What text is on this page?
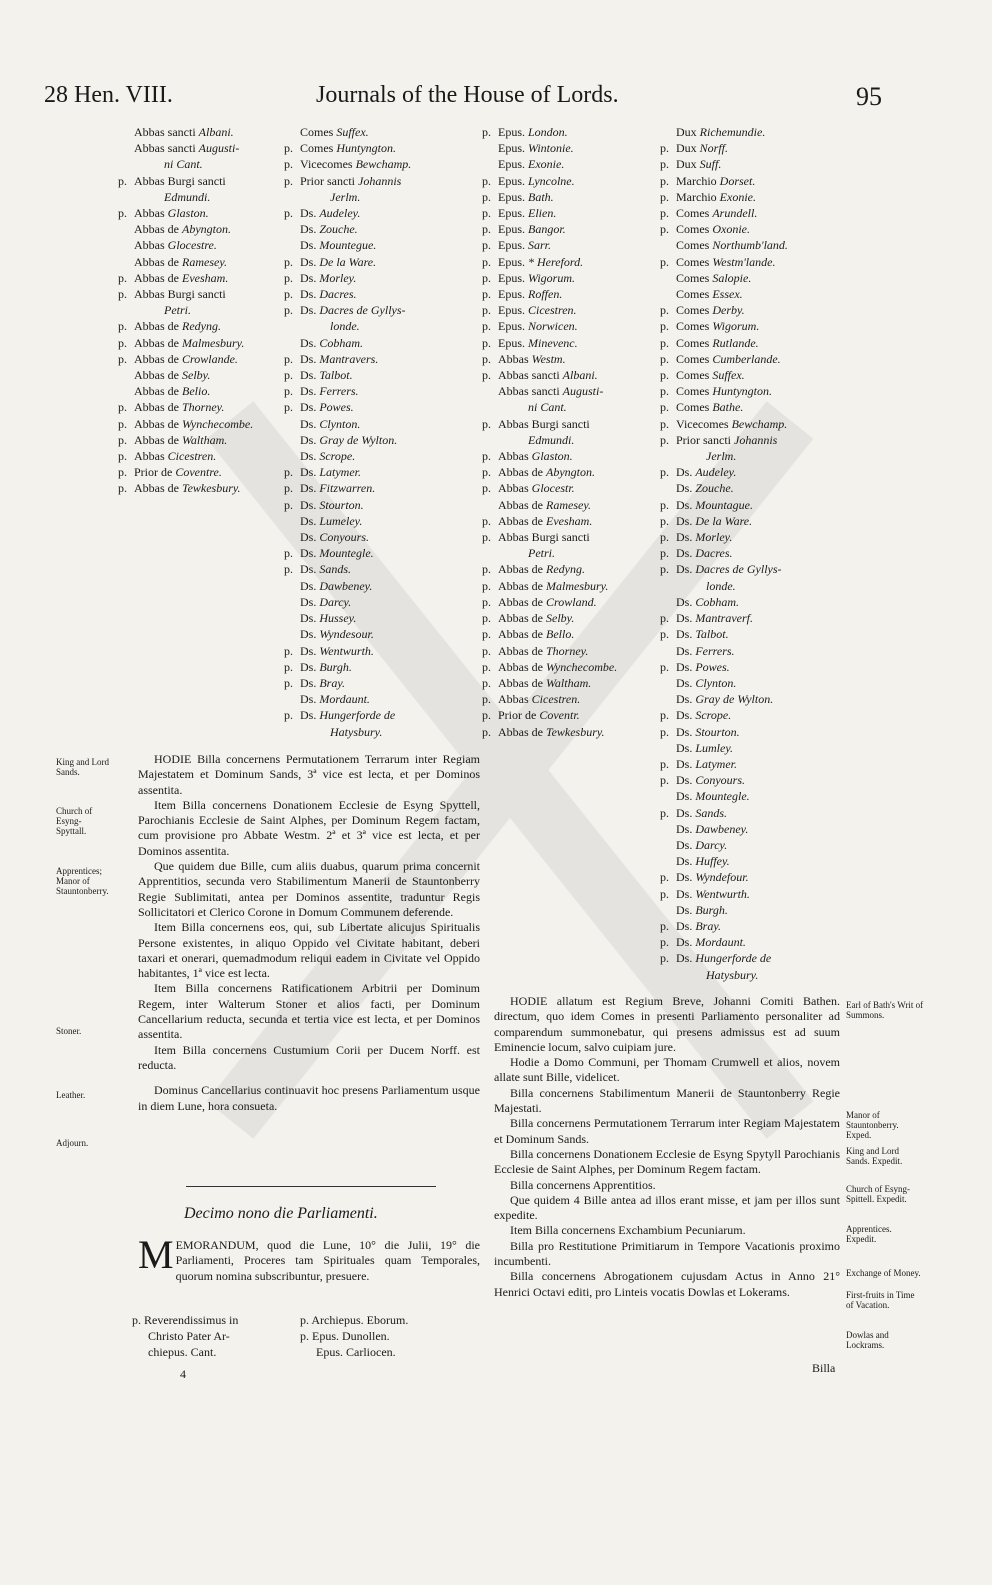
28 Hen. VIII.	Journals of the House of Lords.	95
Abbas sancti Albani.
Abbas sancti Augusti-
ni Cant.
p. Abbas Burgi sancti
Edmundi.
p. Abbas Glaston.
Abbas de Abyngton.
Abbas Glocestre.
Abbas de Ramesey.
p. Abbas de Evesham.
p. Abbas Burgi sancti
Petri.
p. Abbas de Redyng.
p. Abbas de Malmesbury.
p. Abbas de Crowlande.
Abbas de Selby.
Abbas de Belio.
p. Abbas de Thorney.
p. Abbas de Wynchecombe.
p. Abbas de Waltham.
p. Abbas Cicestren.
p. Prior de Coventre.
p. Abbas de Tewkesbury.
Comes Suffex.
p. Comes Huntyngton.
p. Vicecomes Bewchamp.
p. Prior sancti Johannis
Jerlm.
p. Ds. Audeley.
Ds. Zouche.
Ds. Mountegue.
p. Ds. De la Ware.
p. Ds. Morley.
p. Ds. Dacres.
p. Ds. Dacres de Gyllys-
londe.
Ds. Cobham.
p. Ds. Mantravers.
p. Ds. Talbot.
p. Ds. Ferrers.
p. Ds. Powes.
Ds. Clynton.
Ds. Gray de Wylton.
Ds. Scrope.
p. Ds. Latymer.
p. Ds. Fitzwarren.
p. Ds. Stourton.
Ds. Lumeley.
Ds. Conyours.
p. Ds. Mountegle.
p. Ds. Sands.
Ds. Dawbeney.
Ds. Darcy.
Ds. Hussey.
Ds. Wyndesour.
p. Ds. Wentwurth.
p. Ds. Burgh.
p. Ds. Bray.
Ds. Mordaunt.
p. Ds. Hungerforde de
Hatysbury.
p. Epus. London.
Epus. Wintonie.
Epus. Exonie.
p. Epus. Lyncolne.
p. Epus. Bath.
p. Epus. Elien.
p. Epus. Bangor.
p. Epus. Sarr.
p. Epus. * Hereford.
p. Epus. Wigorum.
p. Epus. Roffen.
p. Epus. Cicestren.
p. Epus. Norwicen.
p. Epus. Minevenc.
p. Abbas Westm.
p. Abbas sancti Albani.
Abbas sancti Augusti-
ni Cant.
p. Abbas Burgi sancti
Edmundi.
p. Abbas Glaston.
p. Abbas de Abyngton.
p. Abbas Glocestr.
Abbas de Ramesey.
p. Abbas de Evesham.
p. Abbas Burgi sancti
Petri.
p. Abbas de Redyng.
p. Abbas de Malmesbury.
p. Abbas de Crowland.
p. Abbas de Selby.
p. Abbas de Bello.
p. Abbas de Thorney.
p. Abbas de Wynchecombe.
p. Abbas de Waltham.
p. Abbas Cicestren.
p. Prior de Coventr.
p. Abbas de Tewkesbury.
Dux Richemundie.
p. Dux Norff.
p. Dux Suff.
p. Marchio Dorset.
p. Marchio Exonie.
p. Comes Arundell.
p. Comes Oxonie.
Comes Northumb'land.
p. Comes Westm'lande.
Comes Salopie.
Comes Essex.
p. Comes Derby.
p. Comes Wigorum.
p. Comes Rutlande.
p. Comes Cumberlande.
p. Comes Suffex.
p. Comes Huntyngton.
p. Comes Bathe.
p. Vicecomes Bewchamp.
p. Prior sancti Johannis
Jerlm.
p. Ds. Audeley.
Ds. Zouche.
p. Ds. Mountague.
p. Ds. De la Ware.
p. Ds. Morley.
p. Ds. Dacres.
p. Ds. Dacres de Gyllys-
londe.
Ds. Cobham.
p. Ds. Mantraverf.
p. Ds. Talbot.
Ds. Ferrers.
p. Ds. Powes.
Ds. Clynton.
Ds. Gray de Wylton.
p. Ds. Scrope.
p. Ds. Stourton.
Ds. Lumley.
p. Ds. Latymer.
p. Ds. Conyours.
Ds. Mountegle.
p. Ds. Sands.
Ds. Dawbeney.
Ds. Darcy.
Ds. Huffey.
p. Ds. Wyndefour.
p. Ds. Wentwurth.
Ds. Burgh.
p. Ds. Bray.
p. Ds. Mordaunt.
p. Ds. Hungerforde de
Hatysbury.
King and Lord Sands.
Church of Esyng-Spyttall.
Apprentices; Manor of Stauntonberry.
Stoner.
Leather.
Adjourn.

HODIE Billa concernens Permutationem Terrarum inter Regiam Majestatem et Dominum Sands, 3ª vice est lecta, et per Dominos assentita.

Item Billa concernens Donationem Ecclesie de Esyng Spyttell, Parochianis Ecclesie de Saint Alphes, per Dominum Regem factam, cum provisione pro Abbate Westm. 2ª et 3ª vice est lecta, et per Dominos assentita.

Que quidem due Bille, cum aliis duabus, quarum prima concernit Apprentitios, secunda vero Stabilimentum Manerii de Stauntonberry Regie Sublimitati, antea per Dominos assentite, traduntur Regis Sollicitatori et Clerico Corone in Domum Communem deferende.

Item Billa concernens eos, qui, sub Libertate alicujus Spiritualis Persone existentes, in aliquo Oppido vel Civitate habitant, deberi taxari et onerari, quemadmodum reliqui eadem in Civitate vel Oppido habitantes, 1ª vice est lecta.

Item Billa concernens Ratificationem Arbitrii per Dominum Regem, inter Walterum Stoner et alios facti, per Dominum Cancellarium reducta, secunda et tertia vice est lecta, et per Dominos assentita.

Item Billa concernens Custumium Corii per Ducem Norff. est reducta.

Dominus Cancellarius continuavit hoc presens Parliamentum usque in diem Lune, hora consueta.

Decimo nono die Parliamenti.
M EMORANDUM, quod die Lune, 10° die Julii, 19° die Parliamenti, Proceres tam Spirituales quam Temporales, quorum nomina subscribuntur, presuere.
p. Reverendissimus in
Christo Pater Ar-
chiepus. Cant.
p. Archiepus. Eborum.
p. Epus. Dunollen.
Epus. Carliocen.
4

HODIE allatum est Regium Breve, Johanni Comiti Bathen. directum, quo idem Comes in presenti Parliamento personaliter ad comparendum summonebatur, qui presens admissus est ad suum Eminencie locum, salvo cuipiam jure.

Hodie a Domo Communi, per Thomam Crumwell et alios, novem allate sunt Bille, videlicet.

Billa concernens Stabilimentum Manerii de Stauntonberry Regie Majestati.

Billa concernens Permutationem Terrarum inter Regiam Majestatem et Dominum Sands.

Billa concernens Donationem Ecclesie de Esyng Spytyll Parochianis Ecclesie de Saint Alphes, per Dominum Regem factam.

Billa concernens Apprentitios.

Que quidem 4 Bille antea ad illos erant misse, et jam per illos sunt expedite.

Item Billa concernens Exchambium Pecuniarum.

Billa pro Restitutione Primitiarum in Tempore Vacationis proximo incumbenti.

Billa concernens Abrogationem cujusdam Actus in Anno 21° Henrici Octavi editi, pro Linteis vocatis Dowlas et Lokerams.

Earl of Bath's Writ of Summons.
Manor of Stauntonberry. Exped.
King and Lord Sands. Expedit.
Church of Esyng-Spittell. Expedit.
Apprentices. Expedit.
Exchange of Money.
First-fruits in Time of Vacation.
Dowlas and Lockrams.
Billa
